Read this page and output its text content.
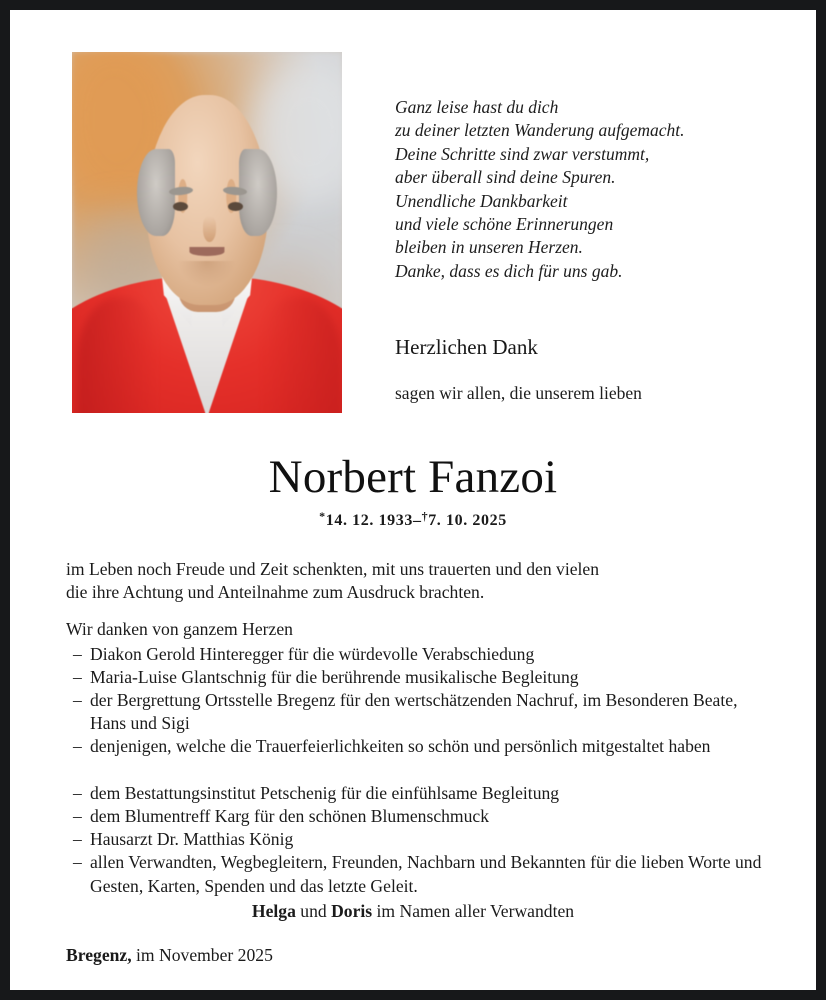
Ganz leise hast du dich
zu deiner letzten Wanderung aufgemacht.
Deine Schritte sind zwar verstummt,
aber überall sind deine Spuren.
Unendliche Dankbarkeit
und viele schöne Erinnerungen
bleiben in unseren Herzen.
Danke, dass es dich für uns gab.
Herzlichen Dank
sagen wir allen, die unserem lieben
Norbert Fanzoi
*14. 12. 1933–†7. 10. 2025
im Leben noch Freude und Zeit schenkten, mit uns trauerten und den vielen
die ihre Achtung und Anteilnahme zum Ausdruck brachten.
Wir danken von ganzem Herzen
– Diakon Gerold Hinteregger für die würdevolle Verabschiedung
– Maria-Luise Glantschnig für die berührende musikalische Begleitung
– der Bergrettung Ortsstelle Bregenz für den wertschätzenden Nachruf, im Besonderen Beate, Hans und Sigi
– denjenigen, welche die Trauerfeierlichkeiten so schön und persönlich mitgestaltet haben
– dem Bestattungsinstitut Petschenig für die einfühlsame Begleitung
– dem Blumentreff Karg für den schönen Blumenschmuck
– Hausarzt Dr. Matthias König
– allen Verwandten, Wegbegleitern, Freunden, Nachbarn und Bekannten für die lieben Worte und Gesten, Karten, Spenden und das letzte Geleit.
Helga und Doris im Namen aller Verwandten
Bregenz, im November 2025
